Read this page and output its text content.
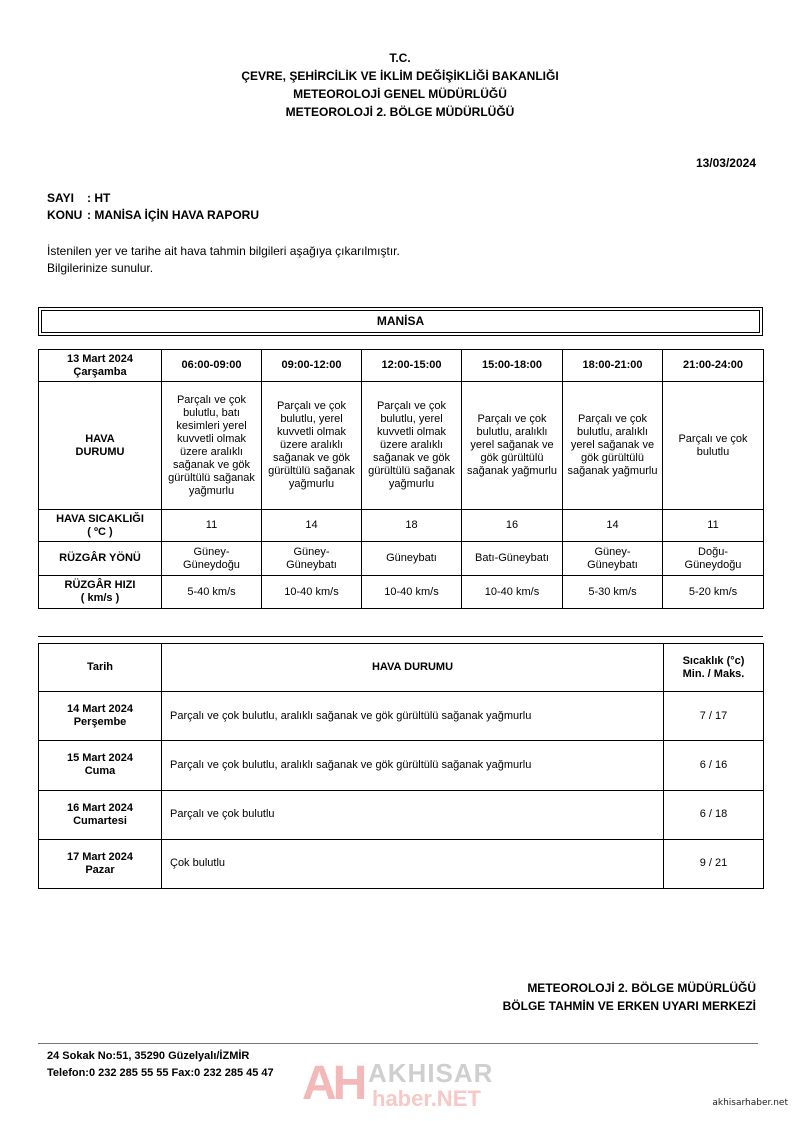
T.C.
ÇEVRE, ŞEHİRCİLİK VE İKLİM DEĞİŞİKLİĞİ BAKANLIĞI
METEOROLOJİ GENEL MÜDÜRLÜĞÜ
METEOROLOJİ 2. BÖLGE MÜDÜRLÜĞÜ
13/03/2024
SAYI : HT
KONU : MANİSA İÇİN HAVA RAPORU
İstenilen yer ve tarihe ait hava tahmin bilgileri aşağıya çıkarılmıştır.
Bilgilerinize sunulur.
MANİSA
13 Mart 2024
Çarşamba	06:00-09:00	09:00-12:00	12:00-15:00	15:00-18:00	18:00-21:00	21:00-24:00
HAVA DURUMU	Parçalı ve çok bulutlu, batı kesimleri yerel kuvvetli olmak üzere aralıklı sağanak ve gök gürültülü sağanak yağmurlu	Parçalı ve çok bulutlu, yerel kuvvetli olmak üzere aralıklı sağanak ve gök gürültülü sağanak yağmurlu	Parçalı ve çok bulutlu, yerel kuvvetli olmak üzere aralıklı sağanak ve gök gürültülü sağanak yağmurlu	Parçalı ve çok bulutlu, aralıklı yerel sağanak ve gök gürültülü sağanak yağmurlu	Parçalı ve çok bulutlu, aralıklı yerel sağanak ve gök gürültülü sağanak yağmurlu	Parçalı ve çok bulutlu

HAVA SICAKLIĞI
( ºC )	11	14	18	16	14	11
RÜZGÂR YÖNÜ	Güney-Güneydoğu	Güney-Güneybatı	Güneybatı	Batı-Güneybatı	Güney-Güneybatı	Doğu-Güneydoğu

RÜZGÂR HIZI
( km/s )	5-40 km/s	10-40 km/s	10-40 km/s	10-40 km/s	5-30 km/s	5-20 km/s
Tarih	HAVA DURUMU	Sıcaklık (°c)
Min. / Maks.

14 Mart 2024
Perşembe	Parçalı ve çok bulutlu, aralıklı sağanak ve gök gürültülü sağanak yağmurlu	7 / 17

15 Mart 2024
Cuma	Parçalı ve çok bulutlu, aralıklı sağanak ve gök gürültülü sağanak yağmurlu	6 / 16

16 Mart 2024
Cumartesi	Parçalı ve çok bulutlu	6 / 18

17 Mart 2024
Pazar	Çok bulutlu	9 / 21
METEOROLOJİ 2. BÖLGE MÜDÜRLÜĞÜ
BÖLGE TAHMİN VE ERKEN UYARI MERKEZİ
24 Sokak No:51, 35290 Güzelyalı/İZMİR
Telefon:0 232 285 55 55 Fax:0 232 285 45 47 AH AKHISAR
haber.NET	akhisarhaber.net
